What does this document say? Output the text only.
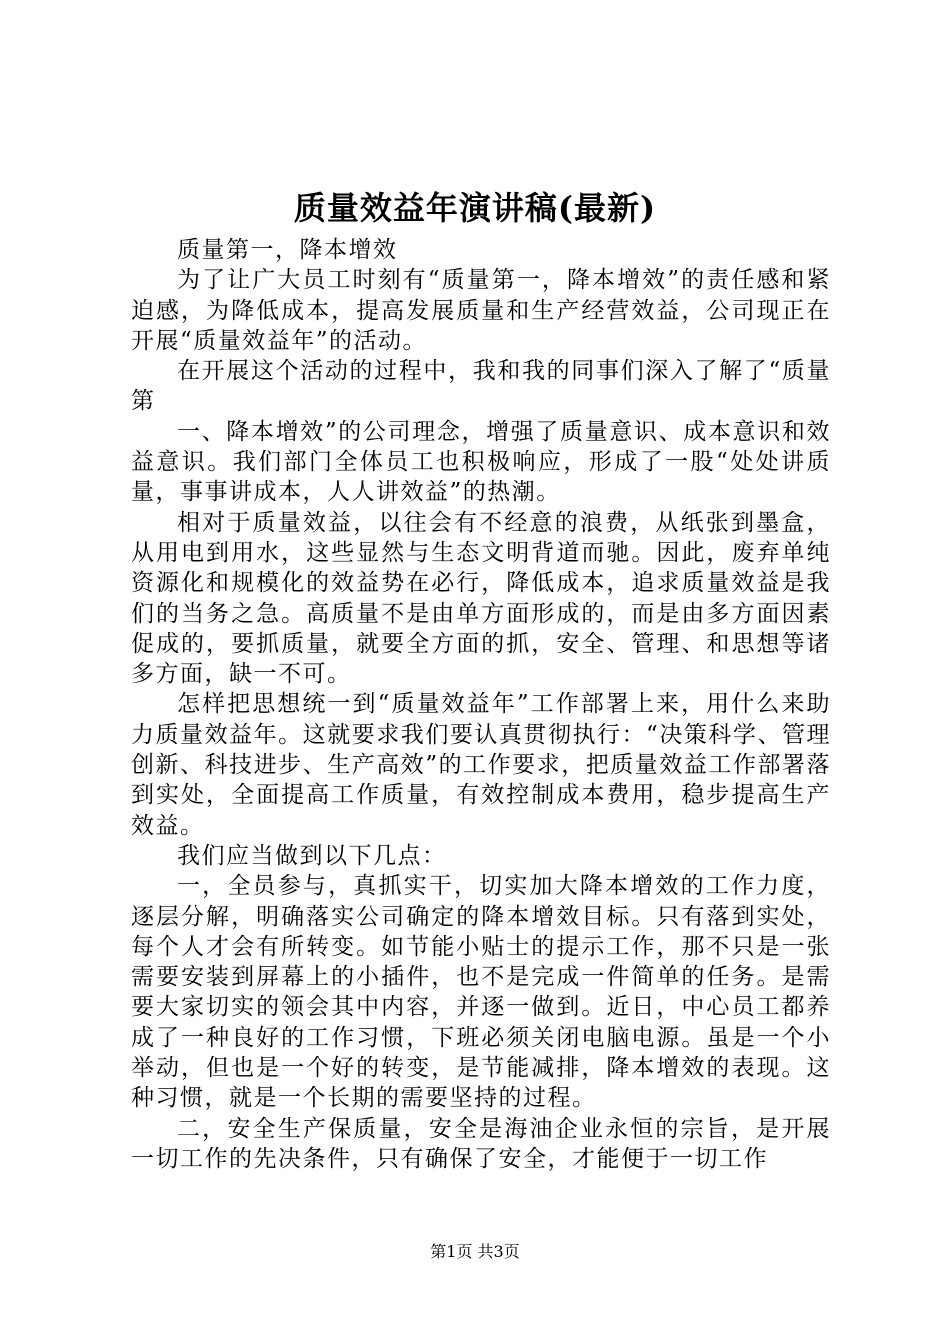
质量效益年演讲稿(最新)

质量第一，降本增效

为了让广大员工时刻有“质量第一，降本增效”的责任感和紧迫感，为降低成本，提高发展质量和生产经营效益，公司现正在开展“质量效益年”的活动。

在开展这个活动的过程中，我和我的同事们深入了解了“质量第

一、降本增效”的公司理念，增强了质量意识、成本意识和效益意识。我们部门全体员工也积极响应，形成了一股“处处讲质量，事事讲成本，人人讲效益”的热潮。

相对于质量效益，以往会有不经意的浪费，从纸张到墨盒，从用电到用水，这些显然与生态文明背道而驰。因此，废弃单纯资源化和规模化的效益势在必行，降低成本，追求质量效益是我们的当务之急。高质量不是由单方面形成的，而是由多方面因素促成的，要抓质量，就要全方面的抓，安全、管理、和思想等诸多方面，缺一不可。

怎样把思想统一到“质量效益年”工作部署上来，用什么来助力质量效益年。这就要求我们要认真贯彻执行：“决策科学、管理创新、科技进步、生产高效”的工作要求，把质量效益工作部署落到实处，全面提高工作质量，有效控制成本费用，稳步提高生产效益。

我们应当做到以下几点：

一，全员参与，真抓实干，切实加大降本增效的工作力度，逐层分解，明确落实公司确定的降本增效目标。只有落到实处，每个人才会有所转变。如节能小贴士的提示工作，那不只是一张需要安装到屏幕上的小插件，也不是完成一件简单的任务。是需要大家切实的领会其中内容，并逐一做到。近日，中心员工都养成了一种良好的工作习惯，下班必须关闭电脑电源。虽是一个小举动，但也是一个好的转变，是节能减排，降本增效的表现。这种习惯，就是一个长期的需要坚持的过程。

二，安全生产保质量，安全是海油企业永恒的宗旨，是开展一切工作的先决条件，只有确保了安全，才能便于一切工作

第1页 共3页
